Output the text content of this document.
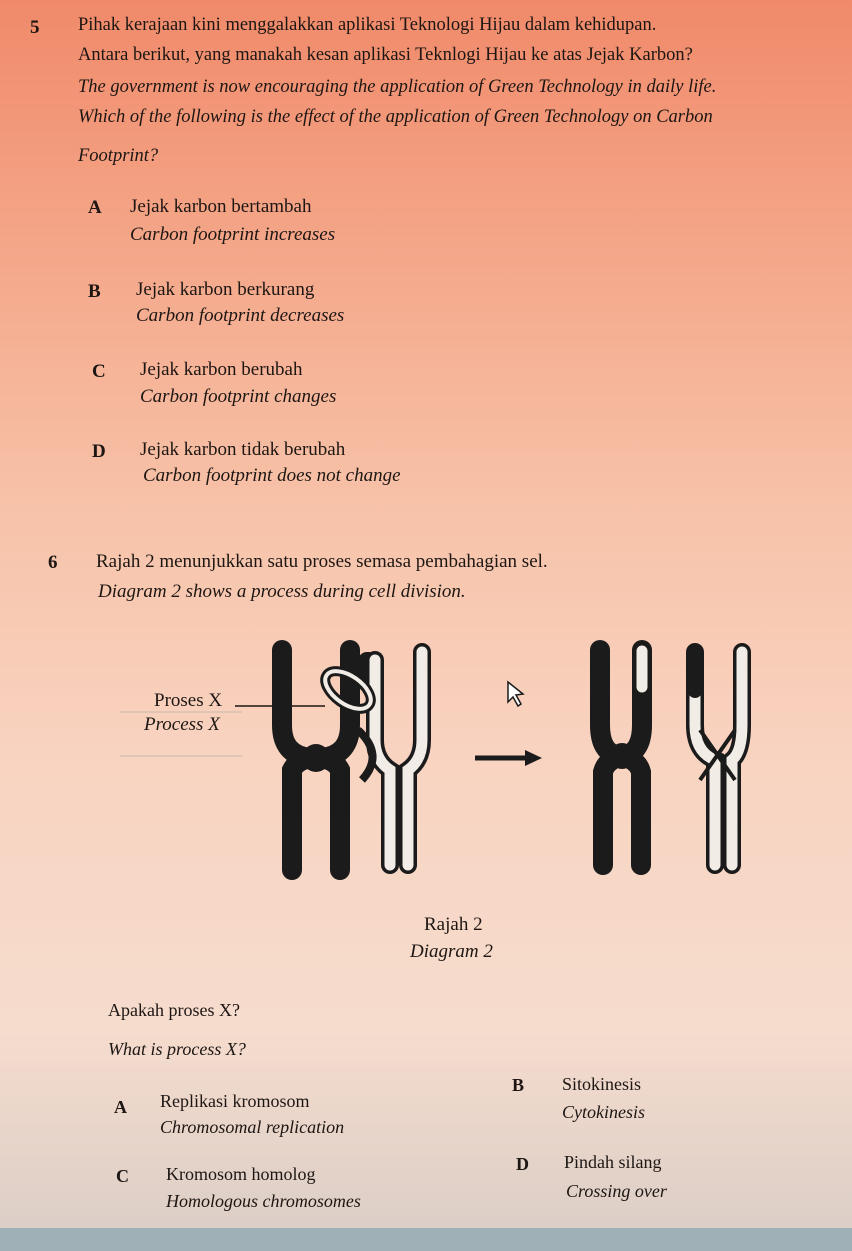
5 Pihak kerajaan kini menggalakkan aplikasi Teknologi Hijau dalam kehidupan.
Antara berikut, yang manakah kesan aplikasi Teknlogi Hijau ke atas Jejak Karbon?
The government is now encouraging the application of Green Technology in daily life.
Which of the following is the effect of the application of Green Technology on Carbon
Footprint?
A Jejak karbon bertambah
Carbon footprint increases
B Jejak karbon berkurang
Carbon footprint decreases
C Jejak karbon berubah
Carbon footprint changes
D Jejak karbon tidak berubah
Carbon footprint does not change
6 Rajah 2 menunjukkan satu proses semasa pembahagian sel.
Diagram 2 shows a process during cell division.
Proses X
Process X
Rajah 2
Diagram 2
Apakah proses X?
What is process X?
A Replikasi kromosom
Chromosomal replication
B Sitokinesis
Cytokinesis
C Kromosom homolog
Homologous chromosomes
D Pindah silang
Crossing over
